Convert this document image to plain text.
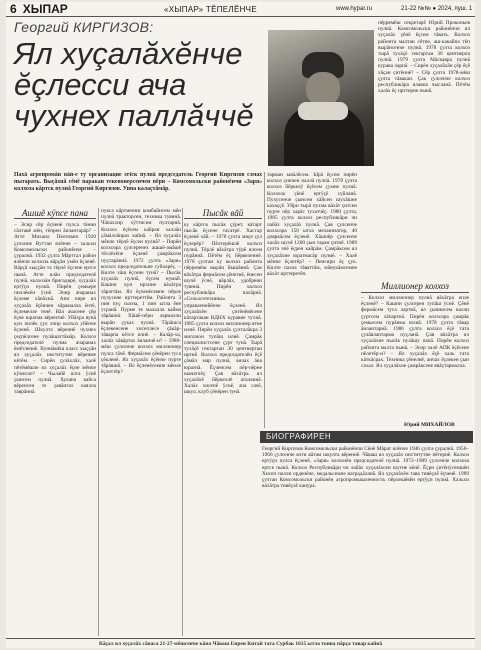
6 ХЫПАР	«ХЫПАР» ТĔПЕЛĔНЧЕ	www.hypar.ru	21-22 №№ ● 2024, пуш. 1
Георгий КИРГИЗОВ:
Ял хуçалăхĕнче ĕçлесси ача чухнех паллăччĕ
пĕрремĕш секретарĕ Юрий Прокопьев пулнă. Комсомольски районĕнчи ял хуçалăх çĕнĕ ĕçсем тăвать. Колхоз районта малтан сĕтпе, аш-какайпа тĕп вырăнсенче пулнă. 1978 çулта колхоз тырă тухăçĕ гектартан 30 центнерпа пулнă. 1979 çулта Мăскавра пулнă курава ларнă. – Сирĕн хуçалăхăн çĕр ĕçĕ хăçан çитĕннĕ? – Сĕр çулта 1978-мĕш çулта тăвакан. Çак çулсенче колхоз республикăра ялавпа чысланă. Пĕтĕм халăх ĕç ирттерне пынă.
Пахă агропромăн вăй-е ту организацие ertск пулнă председатель Георгий Киргизов сэмах пытарать. Выçăхнă сĕнĕ паракан текевонерсенчен пĕри – Комсомольски районĕнчи «Заря» колхоза кăртск пулнă Георгий Киргизов. Унпа калаçтăмăр.
Ашшĕ кÿпсе пана
– Эсир сĕр ĕçченĕ пулса тăнин сăлтавĕ мĕн, тĕпрен ăнлантарăр? – Атте Михаил Пеотович 1920 çулхине Вуттан ялĕнче – хальхи Комсомольски районĕнче – çуралнă. 1932 çулта Мăрттал район ялĕнчи колхоза вăрçăн умĕн ĕçленĕ. Вăрçă хыççăн та тĕрлĕ ĕçсене ертсе пынă. Атте ялăн председателĕ пулнă, колхозăн бригадирĕ, хуçалăх ертÿçи пулнă. Пирĕн çемьере пиллĕкĕн ÿснĕ. Эпир ачаранах ĕçлеме хăнăхнă. Апи пире ял хуçалăх ĕçĕнчен хăрамалла ĕнтĕ, ĕçлемелле тенĕ. Вăл ачасене çĕр ĕçне юратма вĕрентнĕ. Уйăхра вунă кун пилĕк çул эпир колхоз уйĕнче ĕçленĕ. Шкулта вĕреннĕ чухнех çеçпĕлсене пулăшаттăмăр. Колхоз председателĕ пулма ачаранах ĕмĕтленнĕ. Вуннăмĕш класс хыççăн ял хуçалăх институтне вĕренме кĕтĕм. – Сирĕн çулăхлăх, халĕ пĕтĕмĕшле ял хуçалăх ĕçне мĕнпе кÿмелле? – Чылайĕ ялта ÿснĕ çынсем пулнă. Хулана кайса вĕренсен те çавăнтах каялла таврăннă.
пукса кăртменни комбайнсем мĕн пулнă тракторсен, техника туяннă. Чăпаххир хÿттисем пултарнă. Колхоз ĕçĕсем кайран халлăн çăмăллăнрах кайнă. – Ял хуçалăх мĕнле тĕрлĕ ĕçсен пулнă? – Пирĕн колхозра çулсеренех ашшĕ-амăшĕ тĕслĕхĕпе ĕçленĕ çамрăксем пуçтарăннă. 1972 çулта «Заря» колхоз председательне суйларĕç. – Килте хăш ĕçсене тунă? – Пысăк хуçалăх пулнă, ĕçсем нумай. Кашни кун ирхине вăхăтра тăраттăм. Ял ĕçченĕсемпе пĕрле пухусене ирттереттĕм. Районта 3 пин пуç сысна, 1 пин ытла ĕне усранă. Пурне те малалла кайма тăрăшнă. Хăшĕ-пĕри лармалли вырăн çуках пулнă. Тăрăшса ĕçлекенсене хисеплесе çăкăр-тăварпа кĕтсе илнĕ. – Калăр-ха, халăх хăвăртах ăнланчĕ-и? – 1980-мĕш çулсенче колхоз миллионер пулса тăчĕ. Фермăсем çĕнĕрен туса çĕкленĕ. Ял хуçалăх ĕçĕнче пурте тăрăшнă. – Ял ĕçченĕсемпе мĕнле ĕçлеттĕр?
Пысăк вăй
ку кăртск пысăк çÿрет, кăтарт пысăк ĕçсене тасатрĕ. Хастар ĕçленĕ хăй. – 1978 çулта миçе çул ĕçлерĕр? Пĕлтерĕшлĕ колхоз пулнă. Тĕрлĕ вăхăтра тÿрĕ ялсем пурăннă. Пĕтĕм ĕç йĕркеленнĕ. 1978 çултан ку колхоз районта пĕрремĕш вырăн йышăннă. Çак вăхăтра фермăсем çĕнетнĕ, ĕнесен шучĕ ÿснĕ, вăрлăх, удобрени туяннă. Пирĕн колхоз республикăра палăрнă. «Сельхозтехника» управленийĕнче ĕçленĕ. Ял хуçалăхĕн çитĕнĕвĕсене кăтартакан ВДНХ куравне тухнă. 1985 çулта колхоз миллионер ятне илнĕ. Пирĕн хуçалăх çулталăкра 3 миллион тупăш илнĕ. Çамрăк специалистсене çурт тунă. Тырă тухăçĕ гектартан 30 центнертан иртнĕ. Колхоз председателĕн ĕçĕ çăмăл мар пулнă, анчах ăна юратнă. Ĕçченсем пĕр-пĕрне шанатчĕç. Çав вăхăтра ял хуçалăхĕ йĕркеллĕ аталаннă. Халăх хисепĕ ÿснĕ, ача сачĕ, шкул, клуб çĕнĕрен тунă.
тарман ывăлĕсем. Ырă ĕçсем пирĕн колхоз çинчен паллă пулнă. 1978 çулта колхоз йĕркелÿ ĕçĕсем çумне пулнă. Колхоза çĕнĕ ертÿçĕ суйланă. Пухусенче çынсем хăйсен шухăшне калаççĕ. Уйри тырă пухма вăхăт çитсен пурте пĕр харăс тухатчĕç. 1980 çулта, 1985 çулта колхоз республикăри чи лайăх хуçалăх пулнă. Çав çулсенче колхозра 150 ытла механизатор, 40 дояркăсем ĕçленĕ. Хăшпĕр çулсенче халăх шучĕ 1200 çын таран çитнĕ. 1989 çулта эпĕ ĕçрен кайрăм. Çамрăксем ял хуçалăхне юратмасăр пулмĕ. – Халĕ мĕнпе ĕçлетĕр? – Пенсири ĕç çук. Килте пахча тăваттăм, мăнукăмсемпе вăхăт ирттеретĕп.
Миллионер колхоз
– Колхоз миллионер пулнă вăхăтра епле ĕçленĕ? – Кашни çулсерен тупăш ÿснĕ. Çĕнĕ фермăсем туса лартнă, ял çыннисем валли çуртсем хăпартнă. Пирĕн колхозра çамрăк çемьесем пурăнма юлнă. 1978 çулта тăвар ăнлантарнă. 1986 çулта колхоз ĕçĕ тата çулăвлантарма пуçланă. Çав вăхăтра ял хуçалăхне пысăк пулăшу панă. Пирĕн колхоз районта малта пынă. – Эсир халĕ АПК ĕçĕсене пĕлетĕр-и? – Ял хуçалăх ĕçĕ халь тата кăткăсрах. Техника çĕнелнĕ, анчах ĕçлекен çын сахал. Ял хуçалăхне çамрăксене явăçтармалла.
Юрий МИХАЙЛОВ
БИОГРАФИРЕН
Георгий Киргизов Комсомольски районĕнчи Сĕнĕ Мăрат ялĕнче 1946 çулта çуралнă. 1956–1966 çулсенче ялти вăтам шкулта вĕреннĕ. Чăваш ял хуçалăх институтне пĕтернĕ. Колхоз ертÿçи пулса ĕçленĕ, «Заря» колхозĕн председателĕ пулнă. 1972–1989 çулсенче колхоза ертсе пынă. Колхоз Республикăри чи лайăх хуçалăхсен шутне кĕнĕ. Ĕçри çитĕнÿсемшĕн Хисеп палли орденĕпе, медальсемпе наградăланă. Ял хуçалăхĕн тава тивĕçлĕ ĕçченĕ. 1989 çултан Комсомольски районĕн агропромышленность пĕрлешĕвĕн ертÿçи пулнă. Хальхи вăхăтра тивĕçлĕ канура.
Кăçал ял хуçалăх сăнаса 21-27-мĕшсенче кăна Чăваш Енрен Китай тата Сурбак 1615 ытла тонна пăрçа тавар кайнă
